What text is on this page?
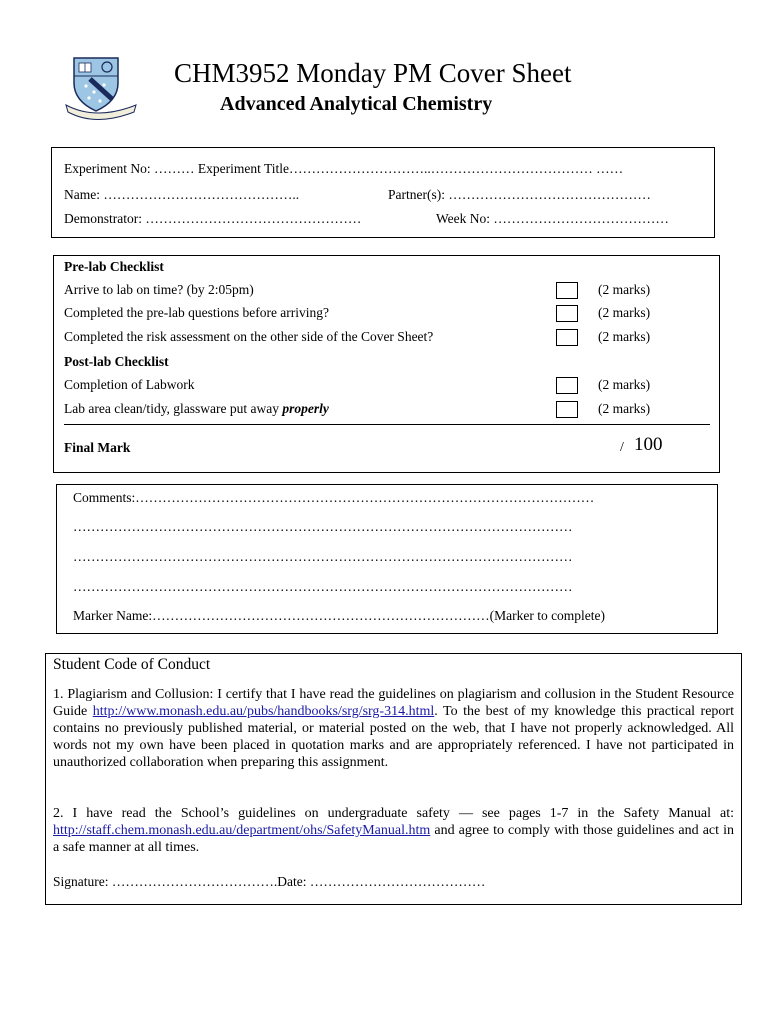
CHM3952 Monday PM Cover Sheet
Advanced Analytical Chemistry
Experiment No: ……… Experiment Title…………………………..……………………………… ……
Name: ……………………………………..	Partner(s): ………………………………………
Demonstrator: …………………………………………	Week No: …………………………………
Pre-lab Checklist
Arrive to lab on time? (by 2:05pm)	(2 marks)
Completed the pre-lab questions before arriving?	(2 marks)
Completed the risk assessment on the other side of the Cover Sheet?	(2 marks)
Post-lab Checklist
Completion of Labwork	(2 marks)
Lab area clean/tidy, glassware put away properly	(2 marks)
Final Mark	/ 100
Comments:…………………………………………………………………………………………
…………………………………………………………………………………………………
…………………………………………………………………………………………………
…………………………………………………………………………………………………
Marker Name:…………………………………………………………………(Marker to complete)
Student Code of Conduct
1. Plagiarism and Collusion: I certify that I have read the guidelines on plagiarism and collusion in the Student Resource Guide http://www.monash.edu.au/pubs/handbooks/srg/srg-314.html. To the best of my knowledge this practical report contains no previously published material, or material posted on the web, that I have not properly acknowledged. All words not my own have been placed in quotation marks and are appropriately referenced. I have not participated in unauthorized collaboration when preparing this assignment.
2. I have read the School’s guidelines on undergraduate safety — see pages 1-7 in the Safety Manual at: http://staff.chem.monash.edu.au/department/ohs/SafetyManual.htm and agree to comply with those guidelines and act in a safe manner at all times.
Signature: ……………………………….Date: …………………………………
